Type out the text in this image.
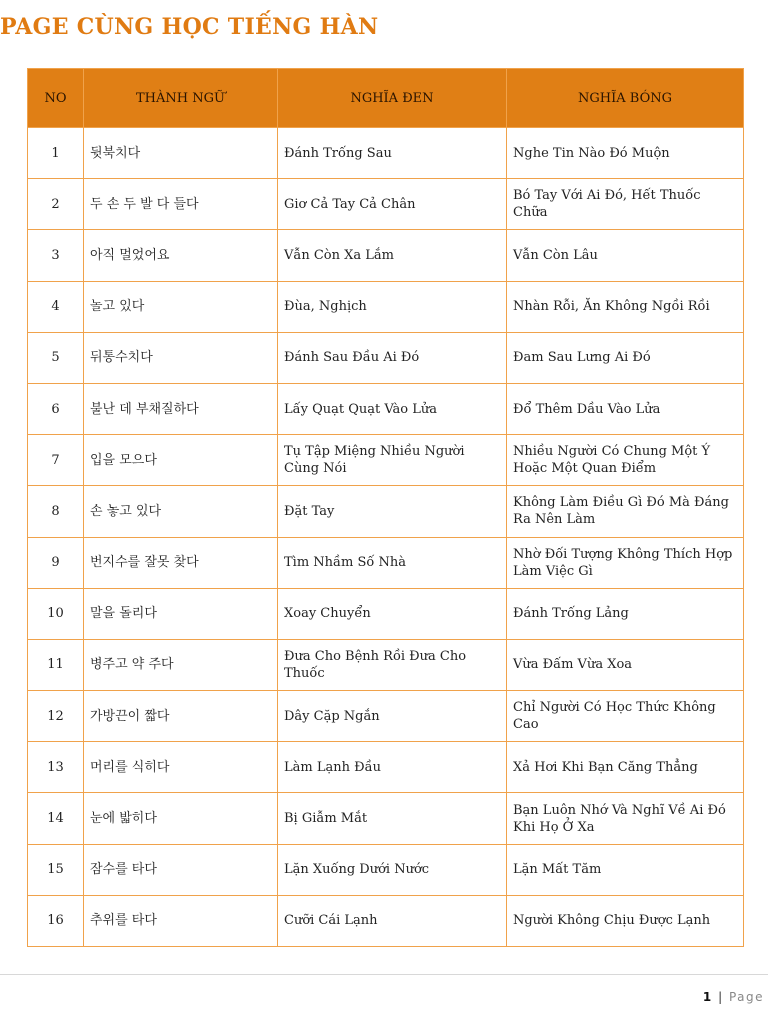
PAGE CÙNG HỌC TIẾNG HÀN
NO	THÀNH NGỮ	NGHĨA ĐEN	NGHĨA BÓNG
1	뒷북치다	Đánh Trống Sau	Nghe Tin Nào Đó Muộn
2	두 손 두 발 다 들다	Giơ Cả Tay Cả Chân	Bó Tay Với Ai Đó, Hết Thuốc Chữa
3	아직 멀었어요	Vẫn Còn Xa Lắm	Vẫn Còn Lâu
4	놀고 있다	Đùa, Nghịch	Nhàn Rỗi, Ăn Không Ngồi Rồi
5	뒤통수치다	Đánh Sau Đầu Ai Đó	Đam Sau Lưng Ai Đó
6	불난 데 부채질하다	Lấy Quạt Quạt Vào Lửa	Đổ Thêm Dầu Vào Lửa
7	입을 모으다	Tụ Tập Miệng Nhiều Người Cùng Nói	Nhiều Người Có Chung Một Ý Hoặc Một Quan Điểm
8	손 놓고 있다	Đặt Tay	Không Làm Điều Gì Đó Mà Đáng Ra Nên Làm
9	번지수를 잘못 찾다	Tìm Nhầm Số Nhà	Nhờ Đối Tượng Không Thích Hợp Làm Việc Gì
10	말을 돌리다	Xoay Chuyển	Đánh Trống Lảng
11	병주고 약 주다	Đưa Cho Bệnh Rồi Đưa Cho Thuốc	Vừa Đấm Vừa Xoa
12	가방끈이 짧다	Dây Cặp Ngắn	Chỉ Người Có Học Thức Không Cao
13	머리를 식히다	Làm Lạnh Đầu	Xả Hơi Khi Bạn Căng Thẳng
14	눈에 밟히다	Bị Giẫm Mắt	Bạn Luôn Nhớ Và Nghĩ Về Ai Đó Khi Họ Ở Xa
15	잠수를 타다	Lặn Xuống Dưới Nước	Lặn Mất Tăm
16	추위를 타다	Cưỡi Cái Lạnh	Người Không Chịu Được Lạnh
1 | Page
